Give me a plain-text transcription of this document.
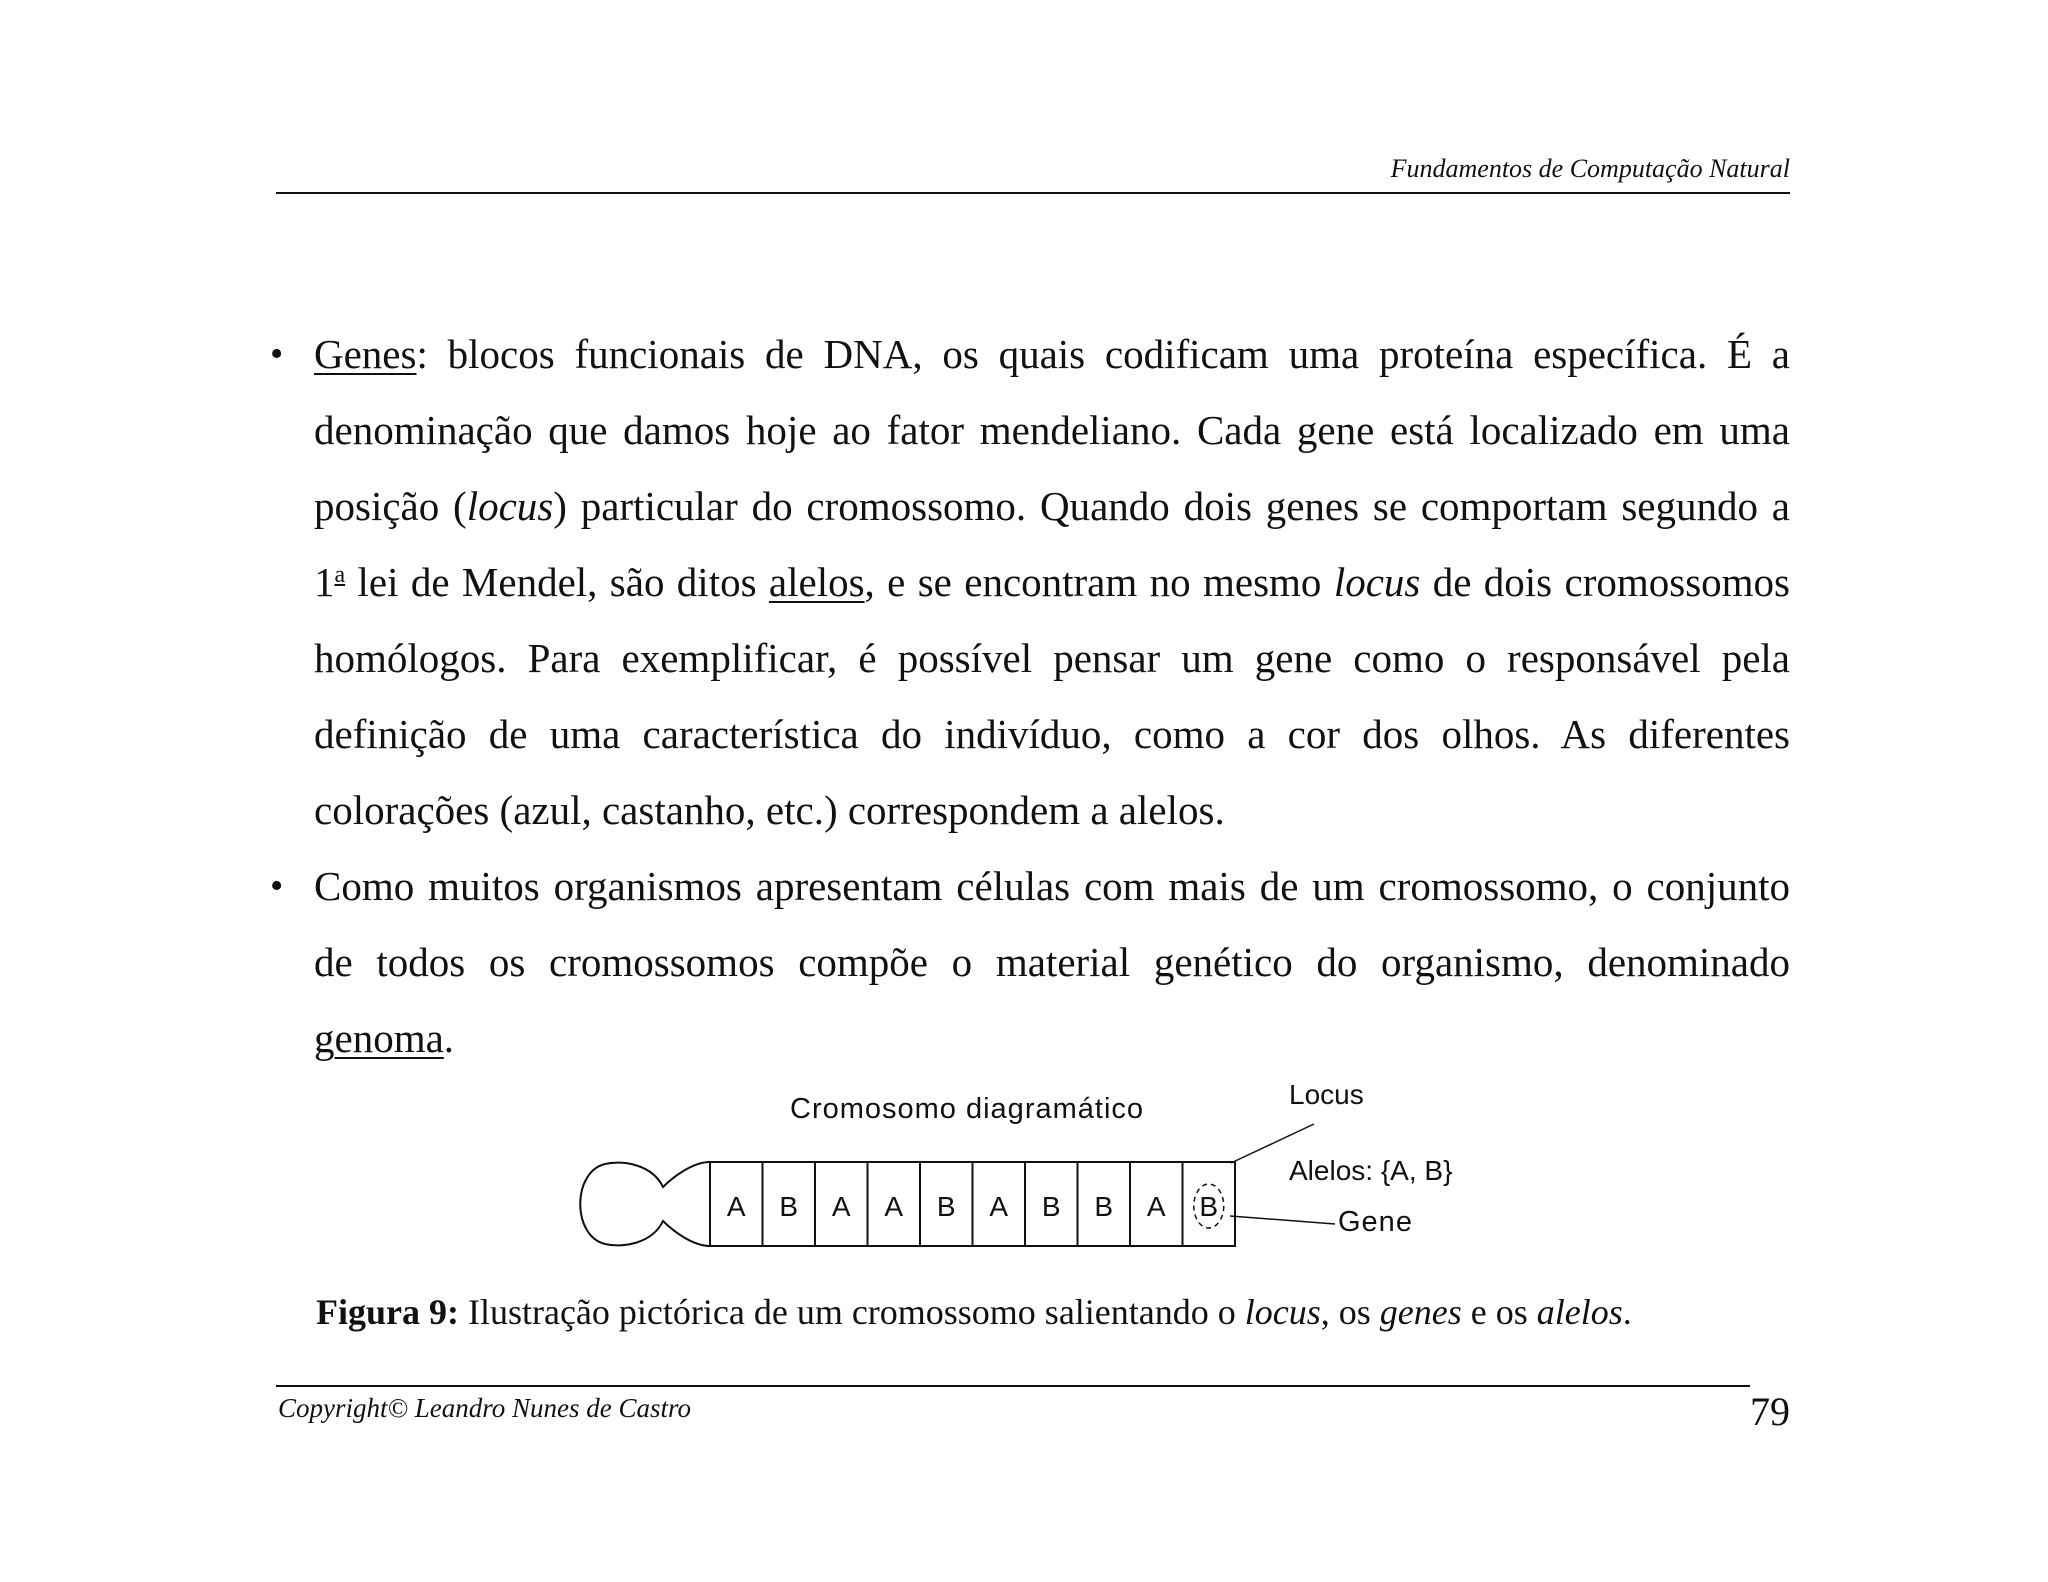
Fundamentos de Computação Natural
• Genes: blocos funcionais de DNA, os quais codificam uma proteína específica. É a denominação que damos hoje ao fator mendeliano. Cada gene está localizado em uma posição (locus) particular do cromossomo. Quando dois genes se comportam segundo a 1$^a$ lei de Mendel, são ditos alelos, e se encontram no mesmo locus de dois cromossomos homólogos. Para exemplificar, é possível pensar um gene como o responsável pela definição de uma característica do indivíduo, como a cor dos olhos. As diferentes colorações (azul, castanho, etc.) correspondem a alelos.
• Como muitos organismos apresentam células com mais de um cromossomo, o conjunto de todos os cromossomos compõe o material genético do organismo, denominado genoma.
Cromosomo diagramático	Locus
Alelos: {A, B}
Gene
A B A A B A B B A B
Figura 9: Ilustração pictórica de um cromossomo salientando o locus, os genes e os alelos.
Copyright© Leandro Nunes de Castro	79
